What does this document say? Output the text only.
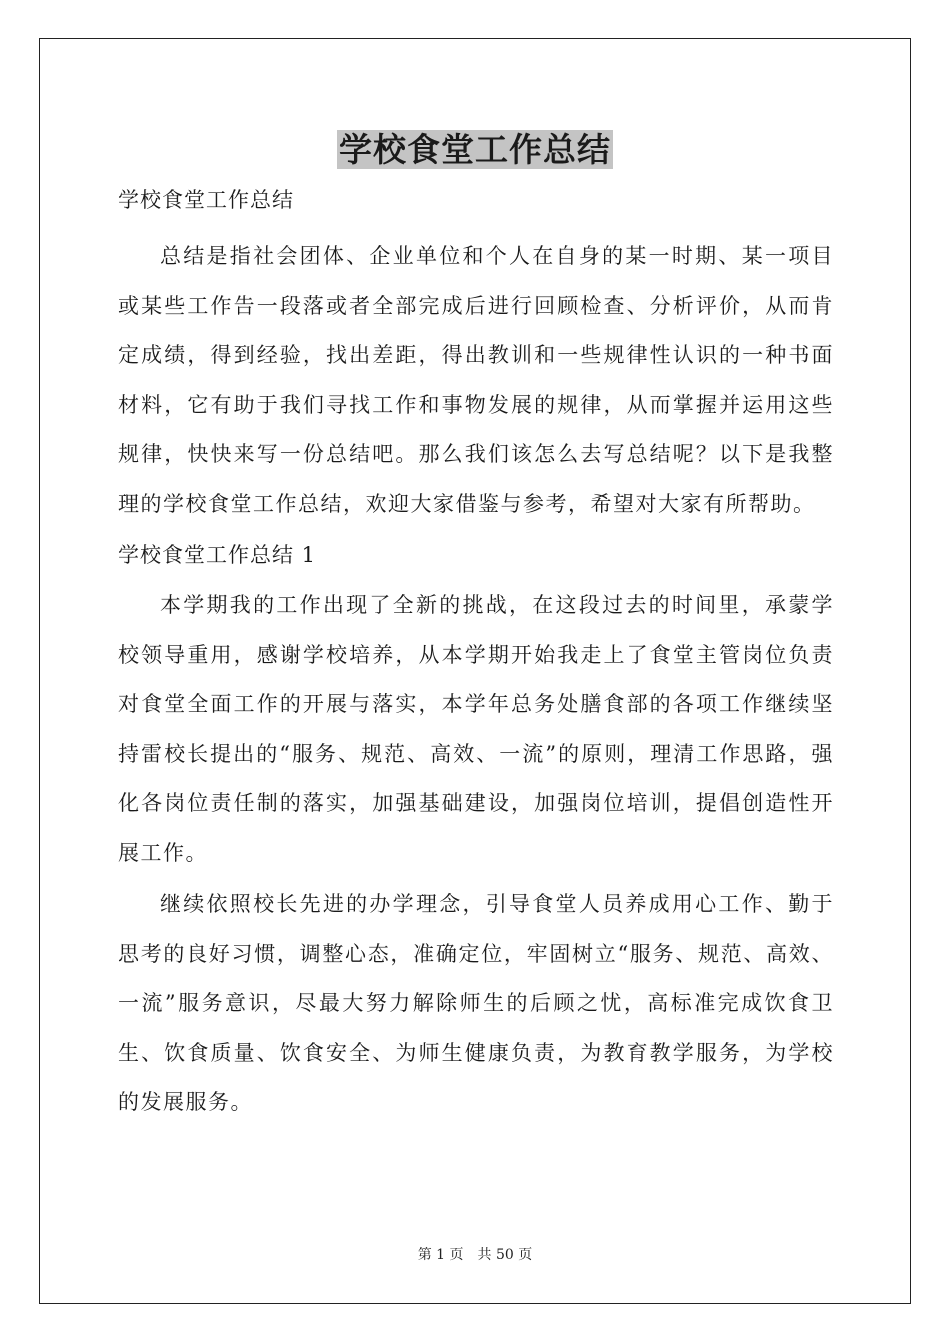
学校食堂工作总结

学校食堂工作总结

总结是指社会团体、企业单位和个人在自身的某一时期、某一项目或某些工作告一段落或者全部完成后进行回顾检查、分析评价，从而肯定成绩，得到经验，找出差距，得出教训和一些规律性认识的一种书面材料，它有助于我们寻找工作和事物发展的规律，从而掌握并运用这些规律，快快来写一份总结吧。那么我们该怎么去写总结呢？以下是我整理的学校食堂工作总结，欢迎大家借鉴与参考，希望对大家有所帮助。

学校食堂工作总结 1

本学期我的工作出现了全新的挑战，在这段过去的时间里，承蒙学校领导重用，感谢学校培养，从本学期开始我走上了食堂主管岗位负责对食堂全面工作的开展与落实，本学年总务处膳食部的各项工作继续坚持雷校长提出的“服务、规范、高效、一流”的原则，理清工作思路，强化各岗位责任制的落实，加强基础建设，加强岗位培训，提倡创造性开展工作。

继续依照校长先进的办学理念，引导食堂人员养成用心工作、勤于思考的良好习惯，调整心态，准确定位，牢固树立“服务、规范、高效、一流”服务意识，尽最大努力解除师生的后顾之忧，高标准完成饮食卫生、饮食质量、饮食安全、为师生健康负责，为教育教学服务，为学校的发展服务。

第 1 页　共 50 页
